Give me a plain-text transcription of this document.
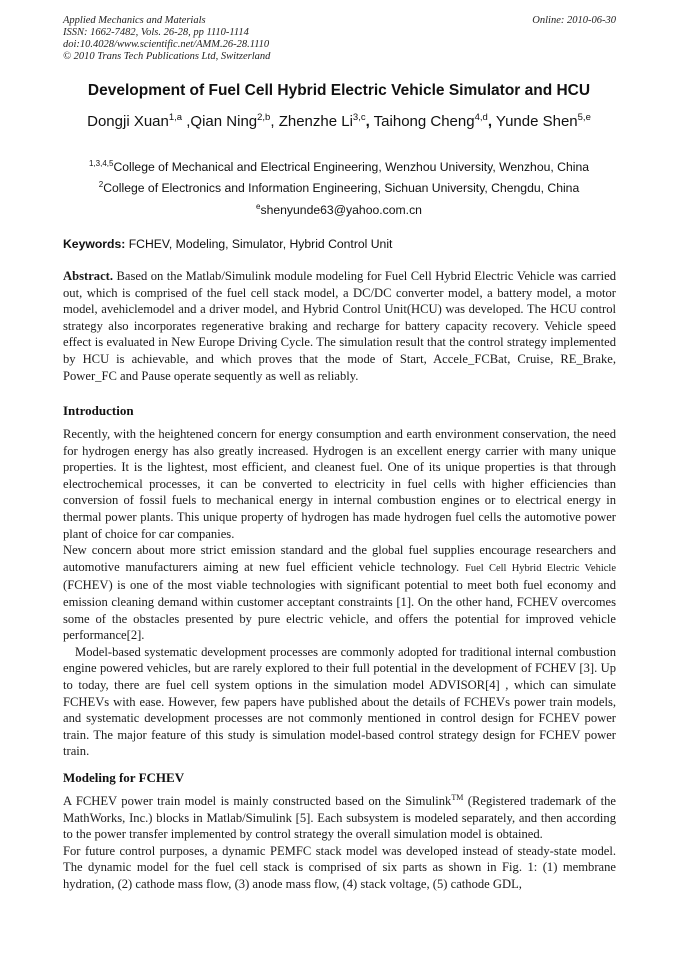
Applied Mechanics and Materials
ISSN: 1662-7482, Vols. 26-28, pp 1110-1114
doi:10.4028/www.scientific.net/AMM.26-28.1110
© 2010 Trans Tech Publications Ltd, Switzerland
Online: 2010-06-30
Development of Fuel Cell Hybrid Electric Vehicle Simulator and HCU
Dongji Xuan$^{1,a}$ ,Qian Ning$^{2,b}$, Zhenzhe Li$^{3,c}$, Taihong Cheng$^{4,d}$, Yunde Shen$^{5,e}$
$^{1,3,4,5}$College of Mechanical and Electrical Engineering, Wenzhou University, Wenzhou, China
$^2$College of Electronics and Information Engineering, Sichuan University, Chengdu, China
$^e$shenyunde63@yahoo.com.cn
Keywords: FCHEV, Modeling, Simulator, Hybrid Control Unit

Abstract. Based on the Matlab/Simulink module modeling for Fuel Cell Hybrid Electric Vehicle was carried out, which is comprised of the fuel cell stack model, a DC/DC converter model, a battery model, a motor model, avehiclemodel and a driver model, and Hybrid Control Unit(HCU) was developed. The HCU control strategy also incorporates regenerative braking and recharge for battery capacity recovery. Vehicle speed effect is evaluated in New Europe Driving Cycle. The simulation result that the control strategy implemented by HCU is achievable, and which proves that the mode of Start, Accele_FCBat, Cruise, RE_Brake, Power_FC and Pause operate sequently as well as reliably.

Introduction

Recently, with the heightened concern for energy consumption and earth environment conservation, the need for hydrogen energy has also greatly increased. Hydrogen is an excellent energy carrier with many unique properties. It is the lightest, most efficient, and cleanest fuel. One of its unique properties is that through electrochemical processes, it can be converted to electricity in fuel cells with higher efficiencies than conversion of fossil fuels to mechanical energy in internal combustion engines or to electrical energy in thermal power plants. This unique property of hydrogen has made hydrogen fuel cells the automotive power plant of choice for car companies.

New concern about more strict emission standard and the global fuel supplies encourage researchers and automotive manufacturers aiming at new fuel efficient vehicle technology. Fuel Cell Hybrid Electric Vehicle (FCHEV) is one of the most viable technologies with significant potential to meet both fuel economy and emission cleaning demand within customer acceptant constraints [1]. On the other hand, FCHEV overcomes some of the obstacles presented by pure electric vehicle, and offers the potential for improved vehicle performance[2].

Model-based systematic development processes are commonly adopted for traditional internal combustion engine powered vehicles, but are rarely explored to their full potential in the development of FCHEV [3]. Up to today, there are fuel cell system options in the simulation model ADVISOR[4] , which can simulate FCHEVs with ease. However, few papers have published about the details of FCHEVs power train models, and systematic development processes are not commonly mentioned in control design for FCHEV power train. The major feature of this study is simulation model-based control strategy design for FCHEV power train.

Modeling for FCHEV

A FCHEV power train model is mainly constructed based on the Simulink™ (Registered trademark of the MathWorks, Inc.) blocks in Matlab/Simulink [5]. Each subsystem is modeled separately, and then according to the power transfer implemented by control strategy the overall simulation model is obtained.

For future control purposes, a dynamic PEMFC stack model was developed instead of steady-state model. The dynamic model for the fuel cell stack is comprised of six parts as shown in Fig. 1: (1) membrane hydration, (2) cathode mass flow, (3) anode mass flow, (4) stack voltage, (5) cathode GDL,
